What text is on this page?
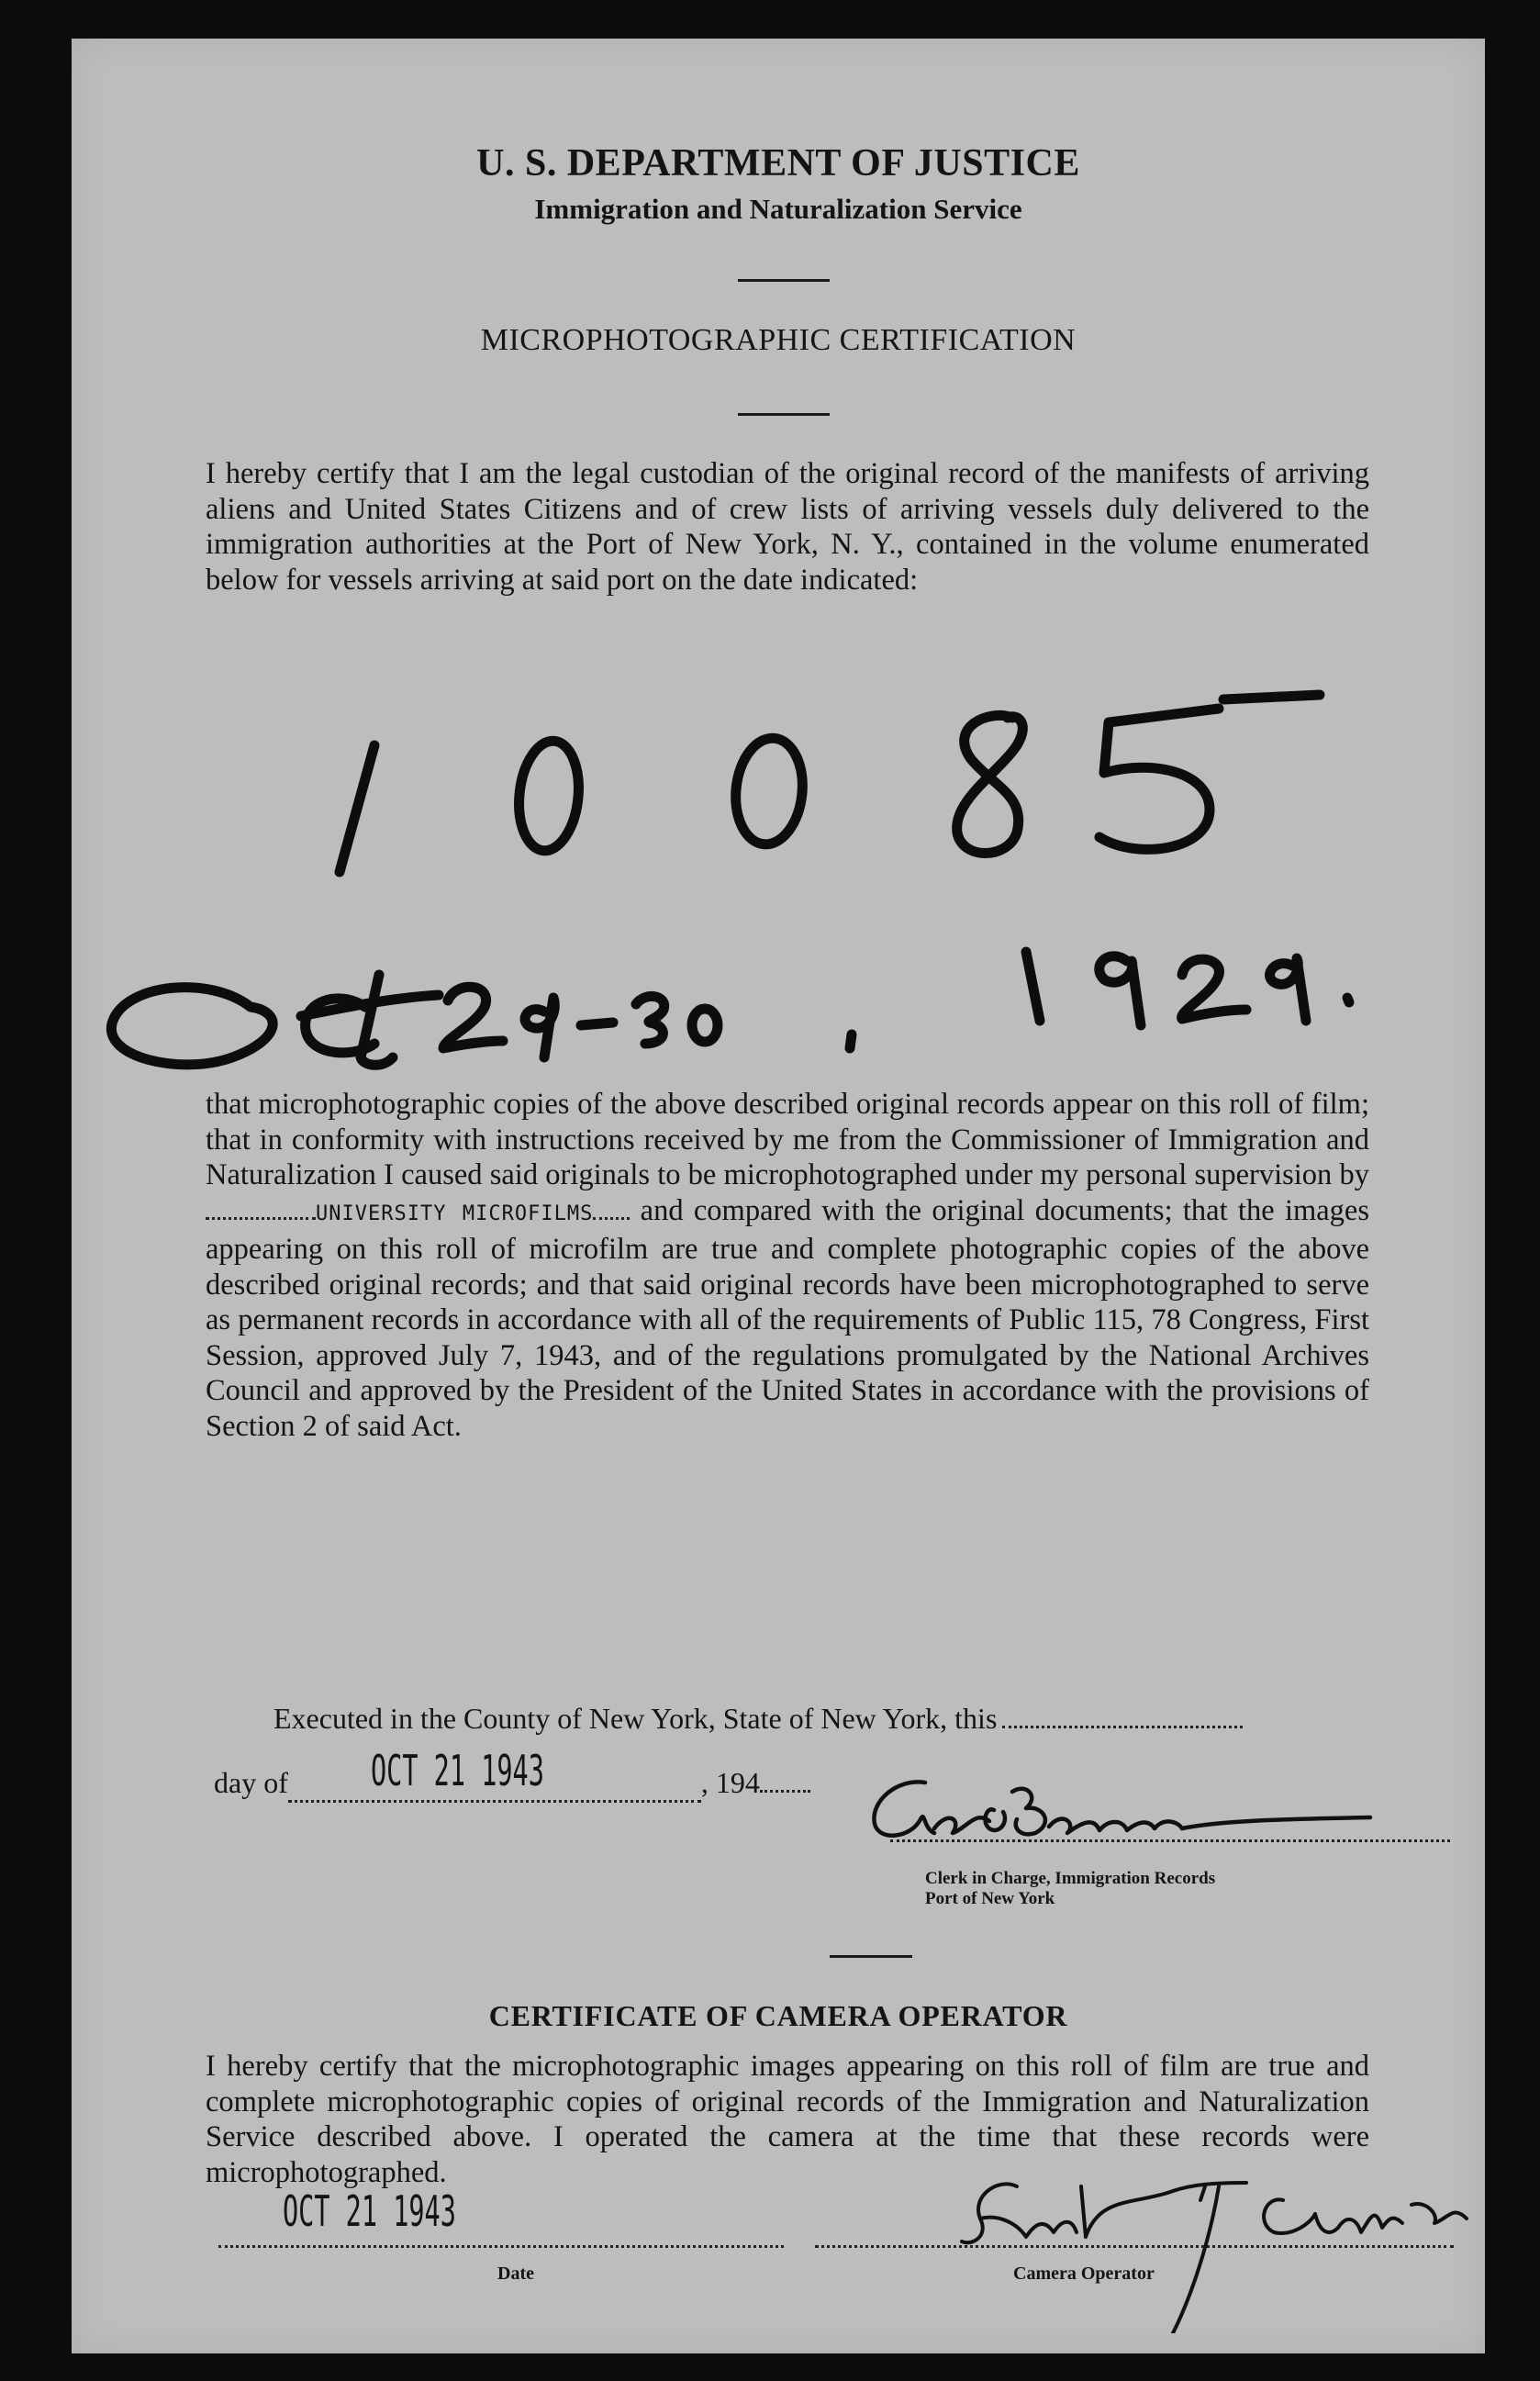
U. S. DEPARTMENT OF JUSTICE
Immigration and Naturalization Service
MICROPHOTOGRAPHIC CERTIFICATION

I hereby certify that I am the legal custodian of the original record of the manifests of arriving aliens and United States Citizens and of crew lists of arriving vessels duly delivered to the immigration authorities at the Port of New York, N. Y., contained in the volume enumerated below for vessels arriving at said port on the date indicated:

that microphotographic copies of the above described original records appear on this roll of film; that in conformity with instructions received by me from the Commissioner of Immigration and Naturalization I caused said originals to be microphotographed under my personal supervision byUNIVERSITY MICROFILMS and compared with the original documents; that the images appearing on this roll of microfilm are true and complete photographic copies of the above described original records; and that said original records have been microphotographed to serve as permanent records in accordance with all of the requirements of Public 115, 78 Congress, First Session, approved July 7, 1943, and of the regulations promulgated by the National Archives Council and approved by the President of the United States in accordance with the provisions of Section 2 of said Act.

Executed in the County of New York, State of New York, this
day of OCT 21 1943	, 194
Clerk in Charge, Immigration Records
Port of New York
CERTIFICATE OF CAMERA OPERATOR

I hereby certify that the microphotographic images appearing on this roll of film are true and complete microphotographic copies of original records of the Immigration and Naturalization Service described above. I operated the camera at the time that these records were microphotographed.

OCT 21 1943
Date	Camera Operator
